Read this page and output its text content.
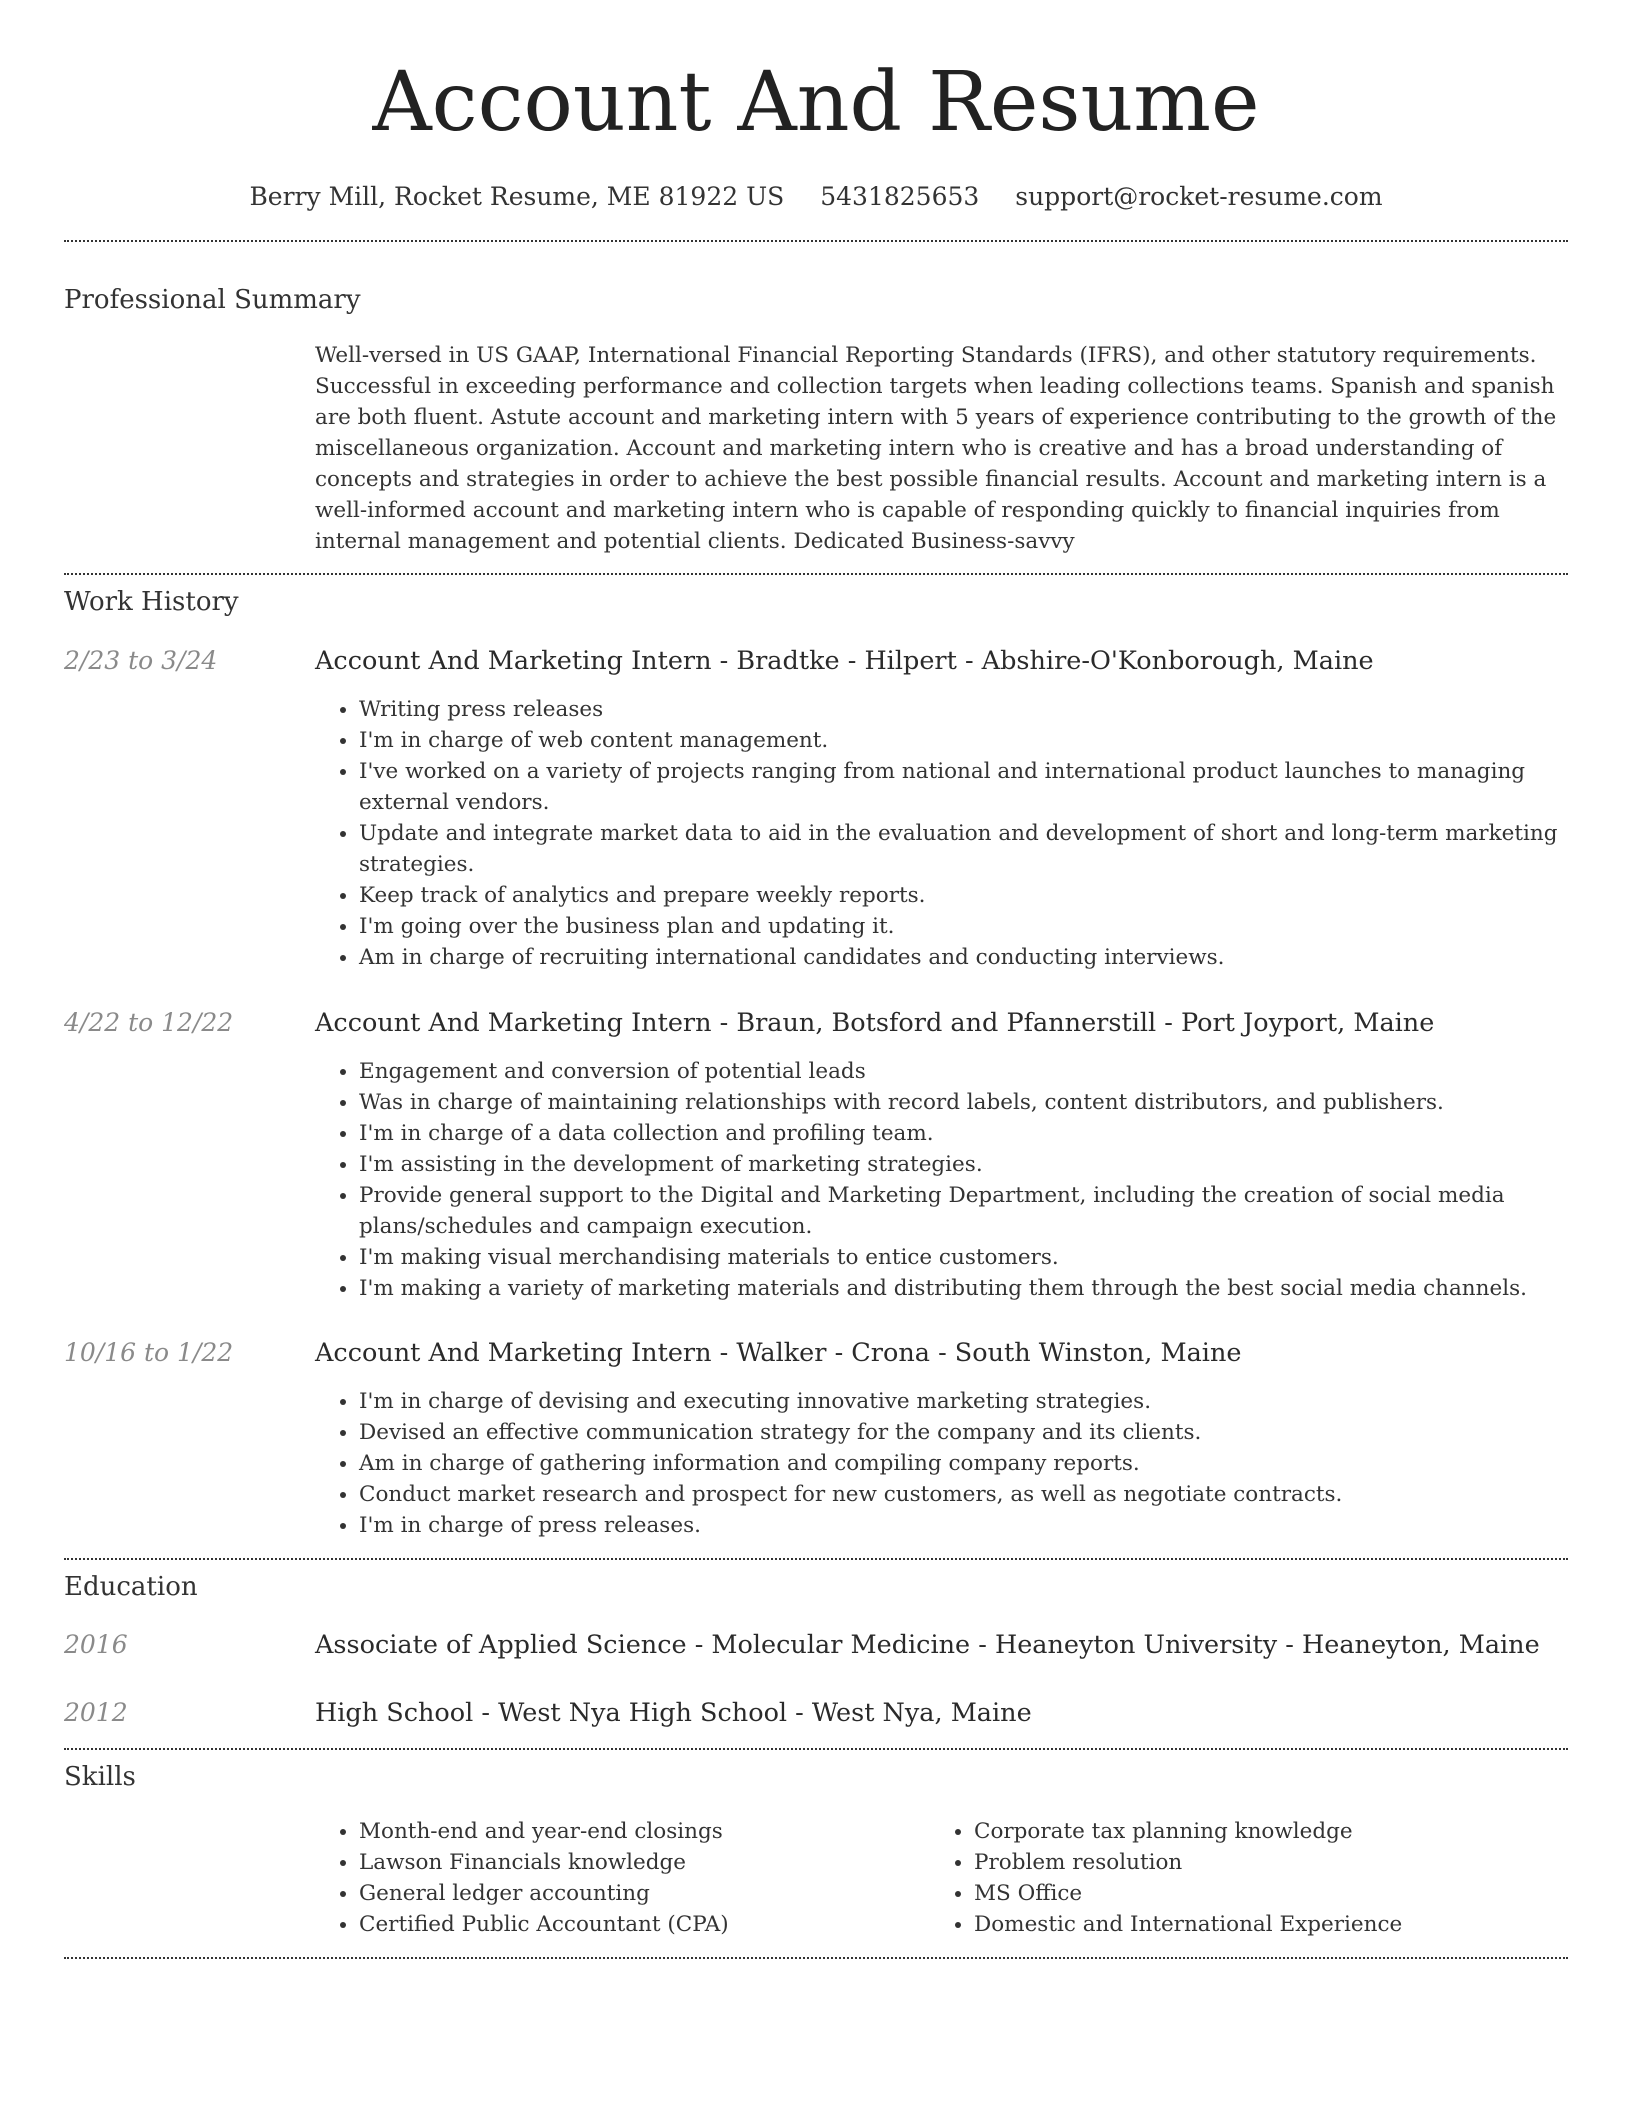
Account And Resume
Berry Mill, Rocket Resume, ME 81922 US 5431825653 support@rocket-resume.com
Professional Summary
Well-versed in US GAAP, International Financial Reporting Standards (IFRS), and other statutory requirements. Successful in exceeding performance and collection targets when leading collections teams. Spanish and spanish are both fluent. Astute account and marketing intern with 5 years of experience contributing to the growth of the miscellaneous organization. Account and marketing intern who is creative and has a broad understanding of concepts and strategies in order to achieve the best possible financial results. Account and marketing intern is a well-informed account and marketing intern who is capable of responding quickly to financial inquiries from internal management and potential clients. Dedicated Business-savvy
Work History
2/23 to 3/24	Account And Marketing Intern - Bradtke - Hilpert - Abshire-O'Konborough, Maine
• Writing press releases
• I'm in charge of web content management.
• I've worked on a variety of projects ranging from national and international product launches to managing external vendors.
• Update and integrate market data to aid in the evaluation and development of short and long-term marketing strategies.
• Keep track of analytics and prepare weekly reports.
• I'm going over the business plan and updating it.
• Am in charge of recruiting international candidates and conducting interviews.
4/22 to 12/22	Account And Marketing Intern - Braun, Botsford and Pfannerstill - Port Joyport, Maine
• Engagement and conversion of potential leads
• Was in charge of maintaining relationships with record labels, content distributors, and publishers.
• I'm in charge of a data collection and profiling team.
• I'm assisting in the development of marketing strategies.
• Provide general support to the Digital and Marketing Department, including the creation of social media plans/schedules and campaign execution.
• I'm making visual merchandising materials to entice customers.
• I'm making a variety of marketing materials and distributing them through the best social media channels.
10/16 to 1/22	Account And Marketing Intern - Walker - Crona - South Winston, Maine
• I'm in charge of devising and executing innovative marketing strategies.
• Devised an effective communication strategy for the company and its clients.
• Am in charge of gathering information and compiling company reports.
• Conduct market research and prospect for new customers, as well as negotiate contracts.
• I'm in charge of press releases.
Education
2016	Associate of Applied Science - Molecular Medicine - Heaneyton University - Heaneyton, Maine
2012	High School - West Nya High School - West Nya, Maine
Skills
• Month-end and year-end closings
• Lawson Financials knowledge
• General ledger accounting
• Certified Public Accountant (CPA)
• Corporate tax planning knowledge
• Problem resolution
• MS Office
• Domestic and International Experience
